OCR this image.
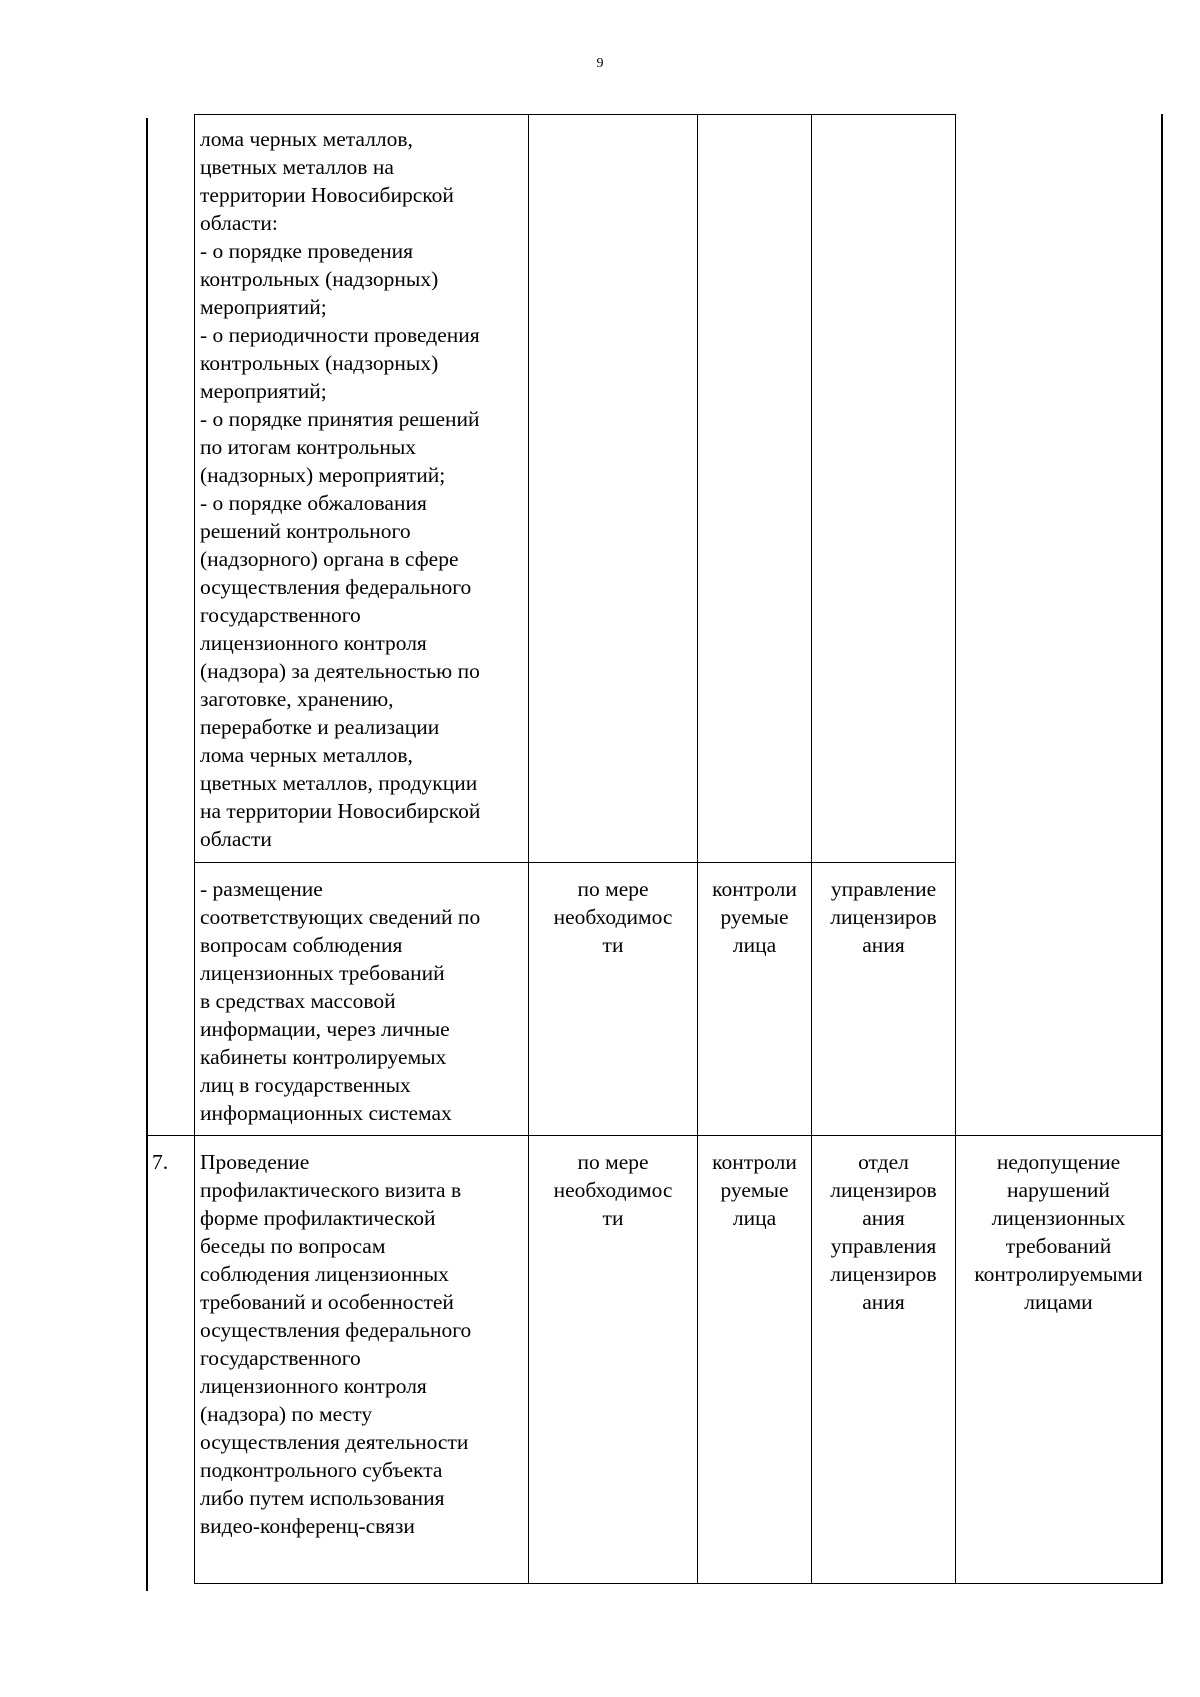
9
лома черных металлов,
цветных металлов на
территории Новосибирской
области:
- о порядке проведения
контрольных (надзорных)
мероприятий;
- о периодичности проведения
контрольных (надзорных)
мероприятий;
- о порядке принятия решений
по итогам контрольных
(надзорных) мероприятий;
- о порядке обжалования
решений контрольного
(надзорного) органа в сфере
осуществления федерального
государственного
лицензионного контроля
(надзора) за деятельностью по
заготовке, хранению,
переработке и реализации
лома черных металлов,
цветных металлов, продукции
на территории Новосибирской
области
- размещение
соответствующих сведений по
вопросам соблюдения
лицензионных требований
в средствах массовой
информации, через личные
кабинеты контролируемых
лиц в государственных
информационных системах
по мере
необходимос
ти
контроли
руемые
лица
управление
лицензиров
ания
7.	Проведение
профилактического визита в
форме профилактической
беседы по вопросам
соблюдения лицензионных
требований и особенностей
осуществления федерального
государственного
лицензионного контроля
(надзора) по месту
осуществления деятельности
подконтрольного субъекта
либо путем использования
видео-конференц-связи
по мере
необходимос
ти
контроли
руемые
лица
отдел
лицензиров
ания
управления
лицензиров
ания
недопущение
нарушений
лицензионных
требований
контролируемыми
лицами
